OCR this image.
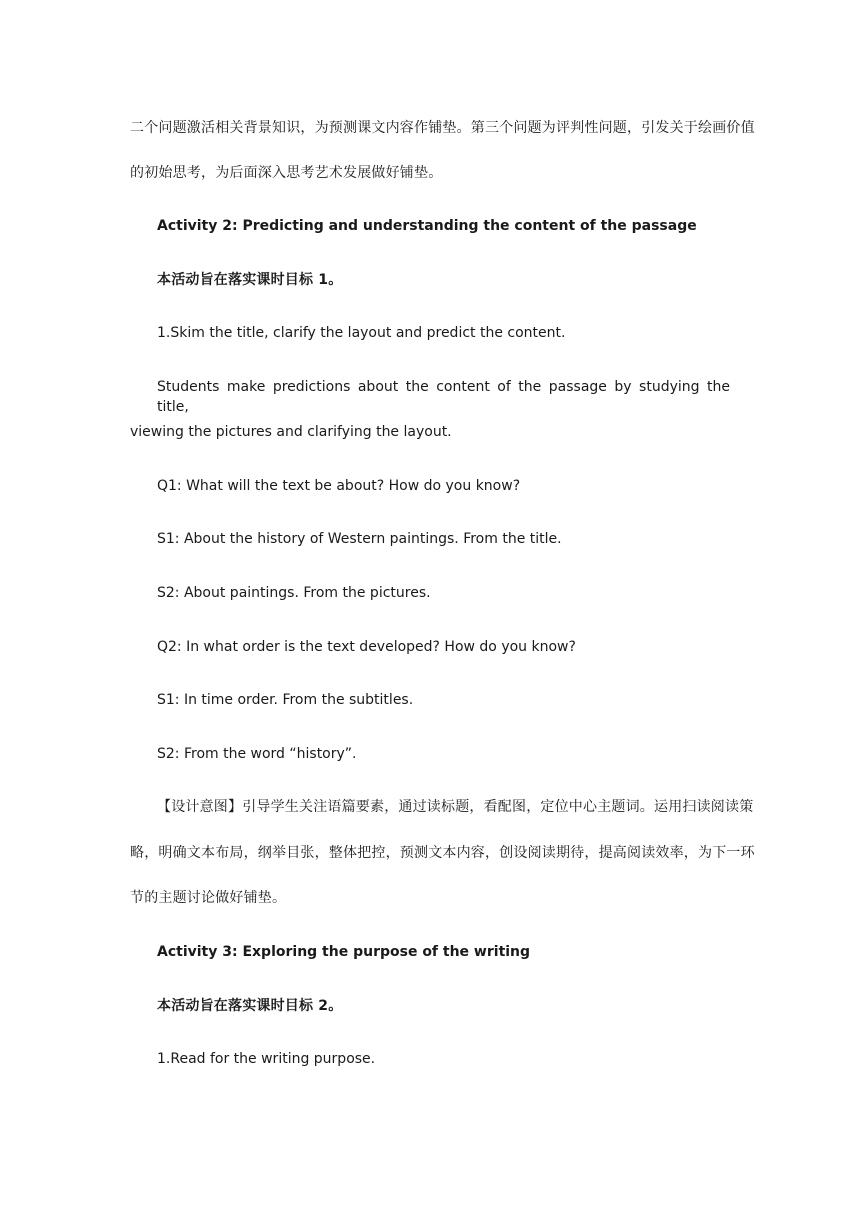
二个问题激活相关背景知识，为预测课文内容作铺垫。第三个问题为评判性问题，引发关于绘画价值
的初始思考，为后面深入思考艺术发展做好铺垫。
Activity 2: Predicting and understanding the content of the passage
本活动旨在落实课时目标 1。
1.Skim the title, clarify the layout and predict the content.
Students make predictions about the content of the passage by studying the title,
viewing the pictures and clarifying the layout.
Q1: What will the text be about? How do you know?
S1: About the history of Western paintings. From the title.
S2: About paintings. From the pictures.
Q2: In what order is the text developed? How do you know?
S1: In time order. From the subtitles.
S2: From the word “history”.
【设计意图】引导学生关注语篇要素，通过读标题，看配图，定位中心主题词。运用扫读阅读策
略，明确文本布局，纲举目张，整体把控，预测文本内容，创设阅读期待，提高阅读效率，为下一环
节的主题讨论做好铺垫。
Activity 3: Exploring the purpose of the writing
本活动旨在落实课时目标 2。
1.Read for the writing purpose.
